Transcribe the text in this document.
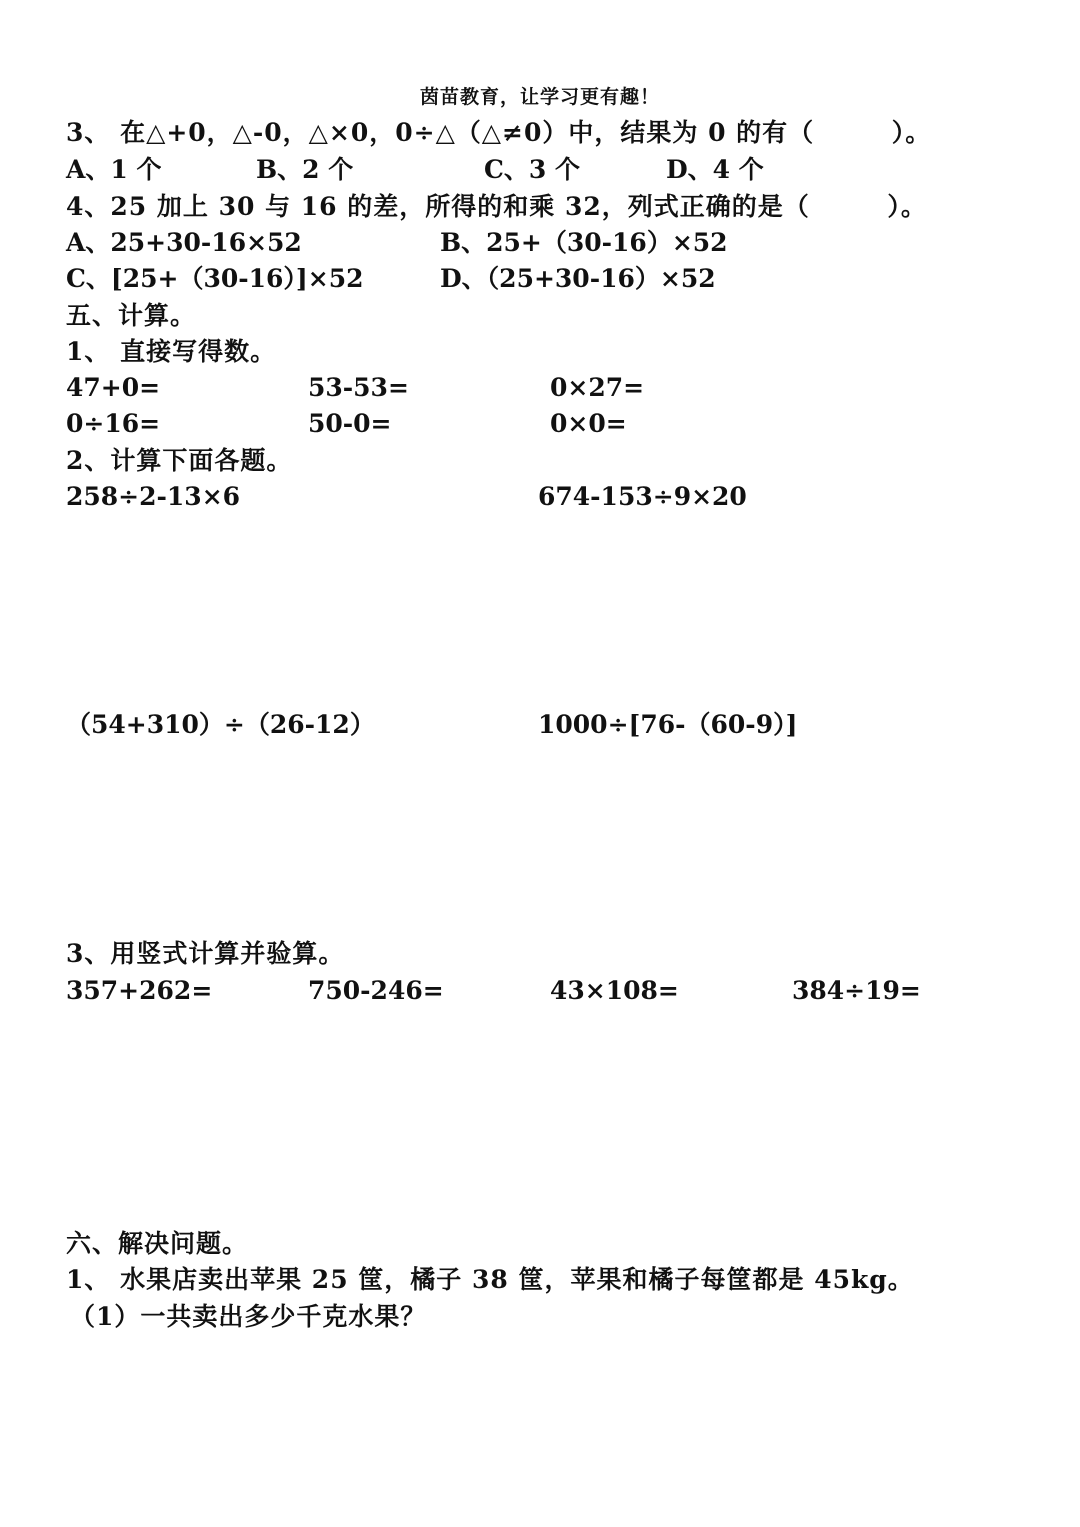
茵苗教育，让学习更有趣！
3、 在△+0，△-0，△×0，0÷△（△≠0）中，结果为 0 的有（        ）。
A、1 个	B、2 个	C、3 个	D、4 个
4、25 加上 30 与 16 的差，所得的和乘 32，列式正确的是（        ）。
A、25+30-16×52	B、25+（30-16）×52
C、[25+（30-16）]×52	D、（25+30-16）×52
五、计算。
1、 直接写得数。
47+0=	53-53=	0×27=
0÷16=	50-0=	0×0=
2、计算下面各题。
258÷2-13×6	674-153÷9×20
（54+310）÷（26-12）	1000÷[76-（60-9）]
3、用竖式计算并验算。
357+262=	750-246=	43×108=	384÷19=
六、解决问题。
1、 水果店卖出苹果 25 筐，橘子 38 筐，苹果和橘子每筐都是 45kg。
（1）一共卖出多少千克水果？
